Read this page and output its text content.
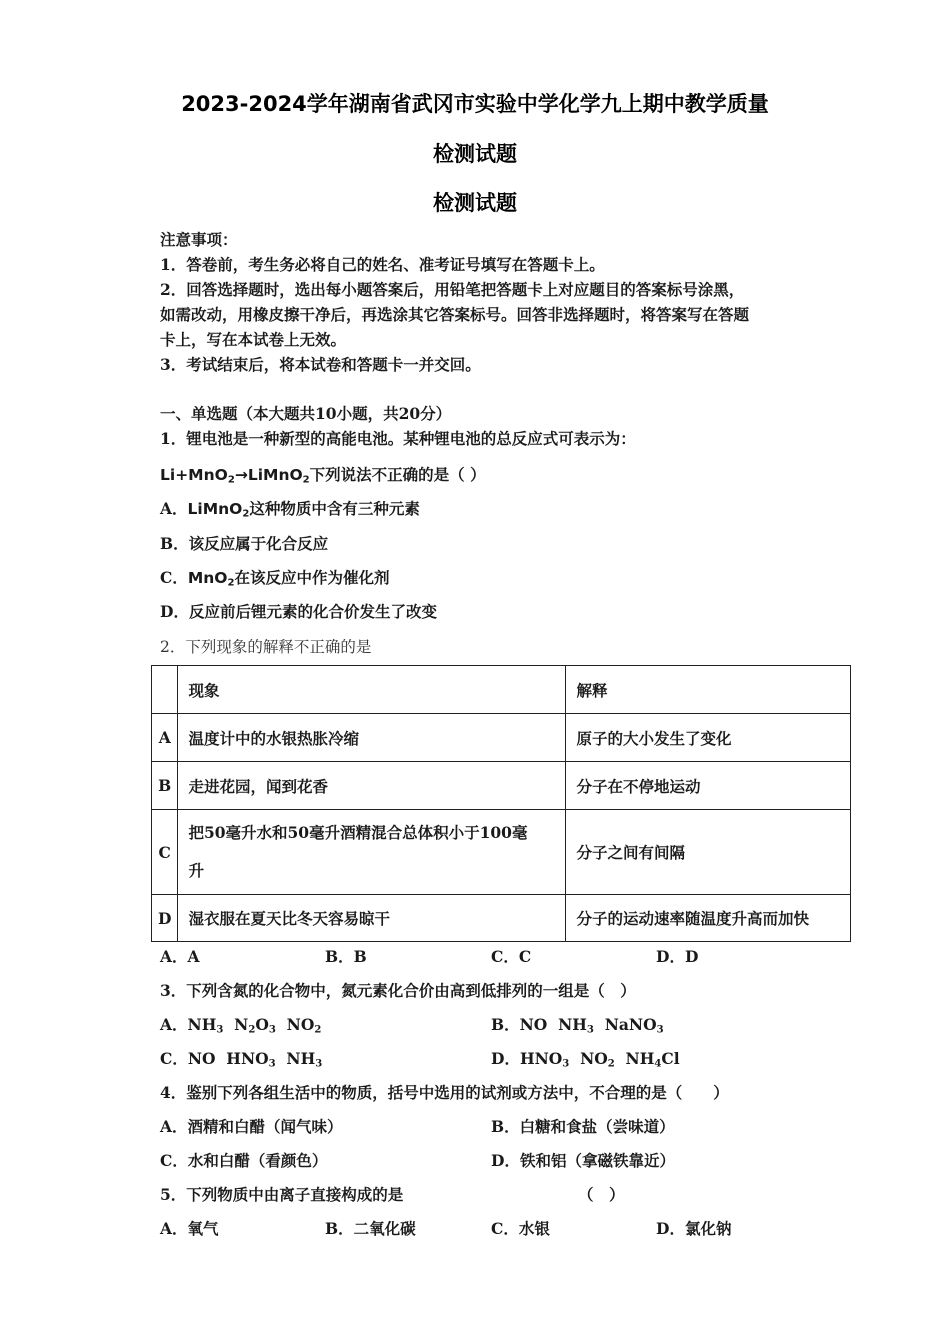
2023-2024学年湖南省武冈市实验中学化学九上期中教学质量
检测试题
检测试题
注意事项：
1．答卷前，考生务必将自己的姓名、准考证号填写在答题卡上。
2．回答选择题时，选出每小题答案后，用铅笔把答题卡上对应题目的答案标号涂黑，
如需改动，用橡皮擦干净后，再选涂其它答案标号。回答非选择题时，将答案写在答题
卡上，写在本试卷上无效。
3．考试结束后，将本试卷和答题卡一并交回。
一、单选题（本大题共10小题，共20分）
1．锂电池是一种新型的高能电池。某种锂电池的总反应式可表示为：
Li+MnO$_2$→LiMnO$_2$下列说法不正确的是（ ）
A．LiMnO$_2$这种物质中含有三种元素
B．该反应属于化合反应
C．MnO$_2$在该反应中作为催化剂
D．反应前后锂元素的化合价发生了改变
2．下列现象的解释不正确的是
	现象	解释
A	温度计中的水银热胀冷缩	原子的大小发生了变化
B	走进花园，闻到花香	分子在不停地运动
C	把50毫升水和50毫升酒精混合总体积小于100毫
升	分子之间有间隔
D	湿衣服在夏天比冬天容易晾干	分子的运动速率随温度升高而加快
A．A	B．B	C．C	D．D
3．下列含氮的化合物中，氮元素化合价由高到低排列的一组是（　）
A．$NH_3$  $N_2O_3$  $NO_2$	B．NO  $NH_3$  NaNO$_3$
C．NO  $HNO_3$  $NH_3$	D．$HNO_3$  $NO_2$  $NH_4Cl$
4．鉴别下列各组生活中的物质，括号中选用的试剂或方法中，不合理的是（　　）
A．酒精和白醋（闻气味）	B．白糖和食盐（尝味道）
C．水和白醋（看颜色）	D．铁和铝（拿磁铁靠近）
5．下列物质中由离子直接构成的是	（　）
A．氧气	B．二氧化碳	C．水银	D．氯化钠
